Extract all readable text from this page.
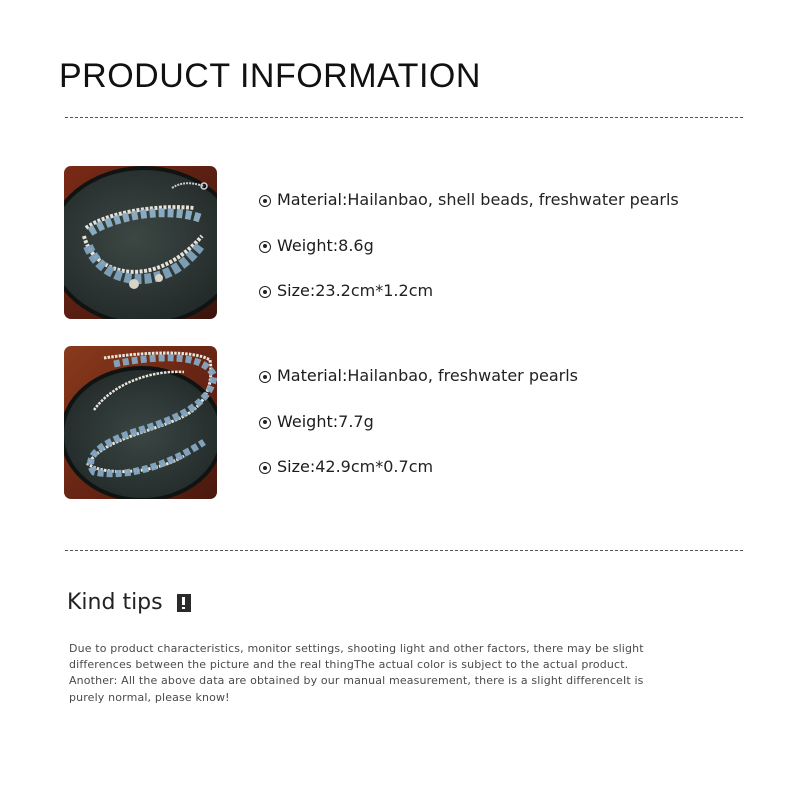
PRODUCT INFORMATION
Material: Hailanbao, shell beads, freshwater pearls
Weight: 8.6g
Size: 23.2cm*1.2cm
Material: Hailanbao, freshwater pearls
Weight: 7.7g
Size: 42.9cm*0.7cm
Kind tips
Due to product characteristics, monitor settings, shooting light and other factors, there may be slight
differences between the picture and the real thingThe actual color is subject to the actual product.
Another: All the above data are obtained by our manual measurement, there is a slight differenceIt is
purely normal, please know!
